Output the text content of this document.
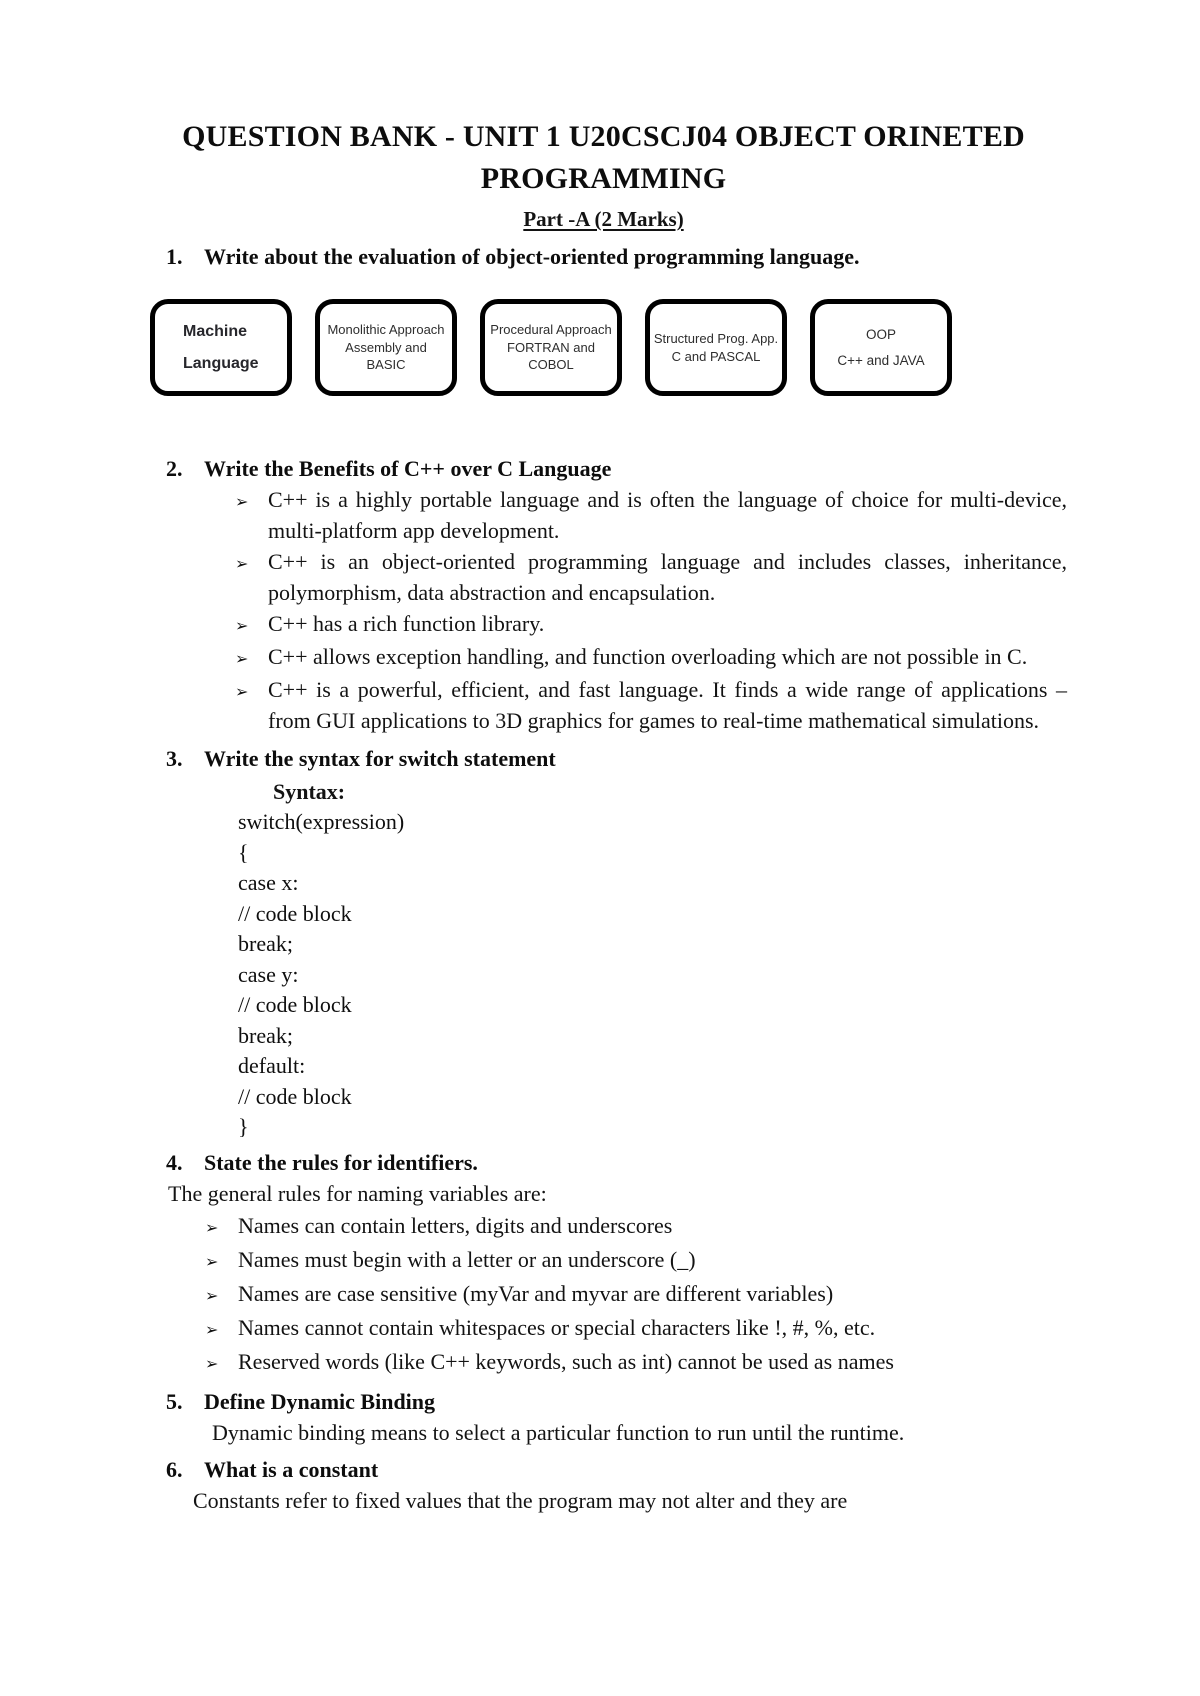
QUESTION BANK - UNIT 1 U20CSCJ04 OBJECT ORINETED
PROGRAMMING
Part -A (2 Marks)
1. Write about the evaluation of object-oriented programming language.
Machine
Language
Monolithic Approach
Assembly and
BASIC
Procedural Approach
FORTRAN and
COBOL
Structured Prog. App.
C and PASCAL
OOP
C++ and JAVA
2. Write the Benefits of C++ over C Language
➢ C++ is a highly portable language and is often the language of choice for multi-device, multi-platform app development.
➢ C++ is an object-oriented programming language and includes classes, inheritance, polymorphism, data abstraction and encapsulation.
➢ C++ has a rich function library.
➢ C++ allows exception handling, and function overloading which are not possible in C.
➢ C++ is a powerful, efficient, and fast language. It finds a wide range of applications – from GUI applications to 3D graphics for games to real-time mathematical simulations.
3. Write the syntax for switch statement
Syntax:
switch(expression)
{
case x:
// code block
break;
case y:
// code block
break;
default:
// code block
}
4. State the rules for identifiers.
The general rules for naming variables are:
➢ Names can contain letters, digits and underscores
➢ Names must begin with a letter or an underscore (_)
➢ Names are case sensitive (myVar and myvar are different variables)
➢ Names cannot contain whitespaces or special characters like !, #, %, etc.
➢ Reserved words (like C++ keywords, such as int) cannot be used as names
5. Define Dynamic Binding
Dynamic binding means to select a particular function to run until the runtime.
6. What is a constant
Constants refer to fixed values that the program may not alter and they are
